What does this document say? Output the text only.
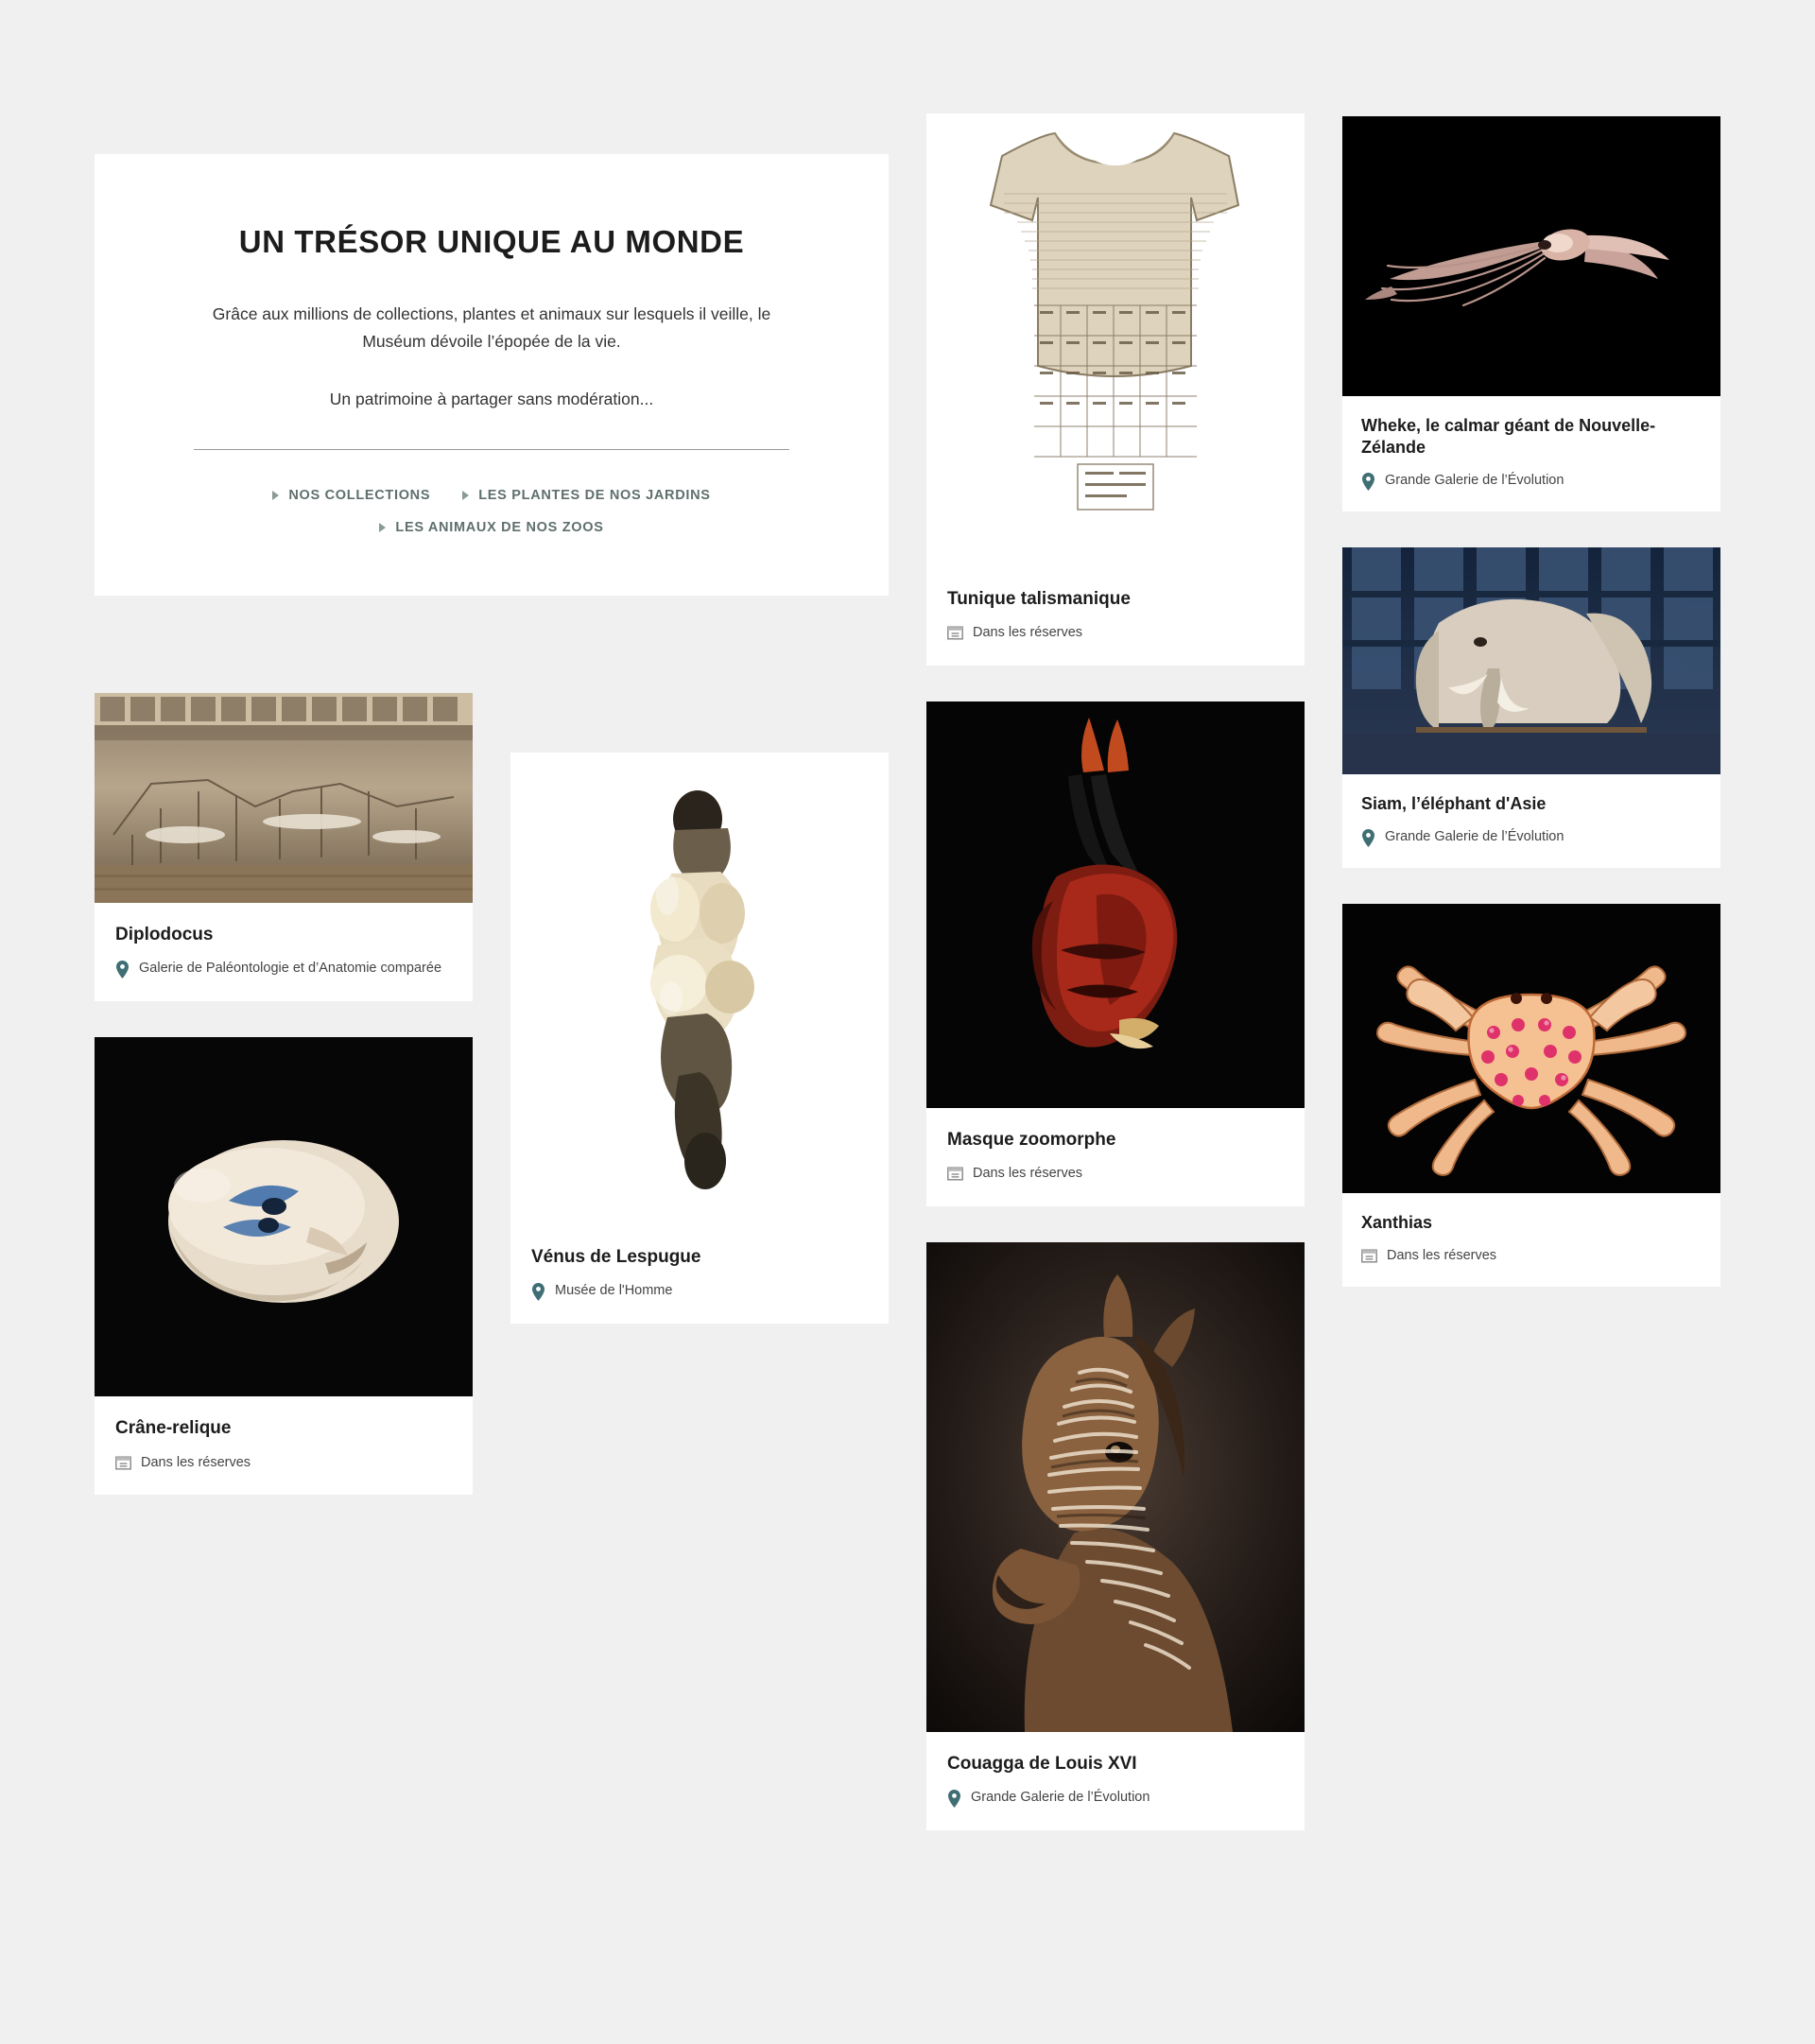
Diplodocus
Galerie de Paléontologie et d’Anatomie comparée
Crâne-relique
Dans les réserves
Vénus de Lespugue
Musée de l'Homme
Tunique talismanique
Dans les réserves
Masque zoomorphe
Dans les réserves
Couagga de Louis XVI
Grande Galerie de l’Évolution
Wheke, le calmar géant de Nouvelle-Zélande
Grande Galerie de l’Évolution
Siam, l’éléphant d'Asie
Grande Galerie de l’Évolution
Xanthias
Dans les réserves
UN TRÉSOR UNIQUE AU MONDE

Grâce aux millions de collections, plantes et animaux sur lesquels il veille, le Muséum dévoile l’épopée de la vie.

Un patrimoine à partager sans modération...

NOS COLLECTIONS	LES PLANTES DE NOS JARDINS
LES ANIMAUX DE NOS ZOOS
